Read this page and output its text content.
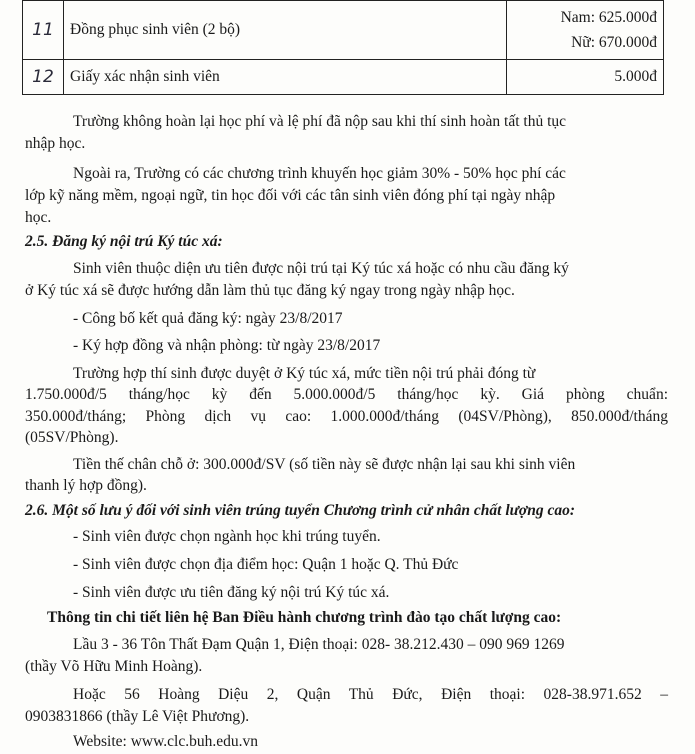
11	Đồng phục sinh viên (2 bộ)	Nam: 625.000đ
Nữ: 670.000đ

12	Giấy xác nhận sinh viên	5.000đ
Trường không hoàn lại học phí và lệ phí đã nộp sau khi thí sinh hoàn tất thủ tục
nhập học.
Ngoài ra, Trường có các chương trình khuyến học giảm 30% - 50% học phí các
lớp kỹ năng mềm, ngoại ngữ, tin học đối với các tân sinh viên đóng phí tại ngày nhập
học.
2.5. Đăng ký nội trú Ký túc xá:
Sinh viên thuộc diện ưu tiên được nội trú tại Ký túc xá hoặc có nhu cầu đăng ký
ở Ký túc xá sẽ được hướng dẫn làm thủ tục đăng ký ngay trong ngày nhập học.
- Công bố kết quả đăng ký: ngày 23/8/2017
- Ký hợp đồng và nhận phòng: từ ngày 23/8/2017
Trường hợp thí sinh được duyệt ở Ký túc xá, mức tiền nội trú phải đóng từ
1.750.000đ/5 tháng/học kỳ đến 5.000.000đ/5 tháng/học kỳ. Giá phòng chuẩn:
350.000đ/tháng; Phòng dịch vụ cao: 1.000.000đ/tháng (04SV/Phòng), 850.000đ/tháng
(05SV/Phòng).
Tiền thế chân chỗ ở: 300.000đ/SV (số tiền này sẽ được nhận lại sau khi sinh viên
thanh lý hợp đồng).
2.6. Một số lưu ý đối với sinh viên trúng tuyển Chương trình cử nhân chất lượng cao:
- Sinh viên được chọn ngành học khi trúng tuyển.
- Sinh viên được chọn địa điểm học: Quận 1 hoặc Q. Thủ Đức
- Sinh viên được ưu tiên đăng ký nội trú Ký túc xá.
Thông tin chi tiết liên hệ Ban Điều hành chương trình đào tạo chất lượng cao:
Lầu 3 - 36 Tôn Thất Đạm Quận 1, Điện thoại: 028- 38.212.430 – 090 969 1269
(thầy Võ Hữu Minh Hoàng).
Hoặc 56 Hoàng Diệu 2, Quận Thủ Đức, Điện thoại: 028-38.971.652 –
0903831866 (thầy Lê Việt Phương).
Website: www.clc.buh.edu.vn
